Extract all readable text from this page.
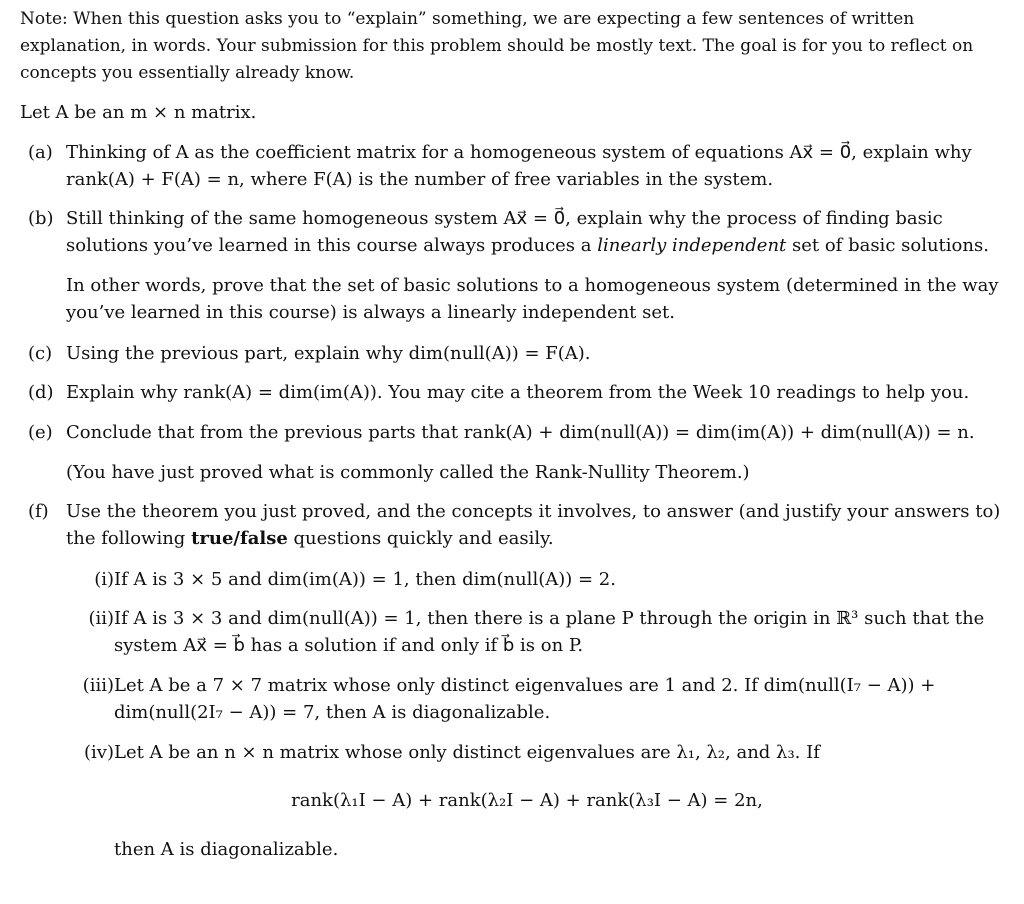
Note: When this question asks you to “explain” something, we are expecting a few sentences of written explanation, in words. Your submission for this problem should be mostly text. The goal is for you to reflect on concepts you essentially already know.
Let A be an m × n matrix.
(a) Thinking of A as the coefficient matrix for a homogeneous system of equations Ax⃗ = 0⃗, explain why rank(A) + F(A) = n, where F(A) is the number of free variables in the system.
(b) Still thinking of the same homogeneous system Ax⃗ = 0⃗, explain why the process of finding basic solutions you’ve learned in this course always produces a linearly independent set of basic solutions.
In other words, prove that the set of basic solutions to a homogeneous system (determined in the way you’ve learned in this course) is always a linearly independent set.
(c) Using the previous part, explain why dim(null(A)) = F(A).
(d) Explain why rank(A) = dim(im(A)). You may cite a theorem from the Week 10 readings to help you.
(e) Conclude that from the previous parts that rank(A) + dim(null(A)) = dim(im(A)) + dim(null(A)) = n.
(You have just proved what is commonly called the Rank-Nullity Theorem.)
(f) Use the theorem you just proved, and the concepts it involves, to answer (and justify your answers to) the following true/false questions quickly and easily.
(i) If A is 3 × 5 and dim(im(A)) = 1, then dim(null(A)) = 2.
(ii) If A is 3 × 3 and dim(null(A)) = 1, then there is a plane P through the origin in ℝ³ such that the system Ax⃗ = b⃗ has a solution if and only if b⃗ is on P.
(iii) Let A be a 7 × 7 matrix whose only distinct eigenvalues are 1 and 2. If dim(null(I₇ − A)) + dim(null(2I₇ − A)) = 7, then A is diagonalizable.
(iv) Let A be an n × n matrix whose only distinct eigenvalues are λ₁, λ₂, and λ₃. If
rank(λ₁I − A) + rank(λ₂I − A) + rank(λ₃I − A) = 2n,
then A is diagonalizable.
